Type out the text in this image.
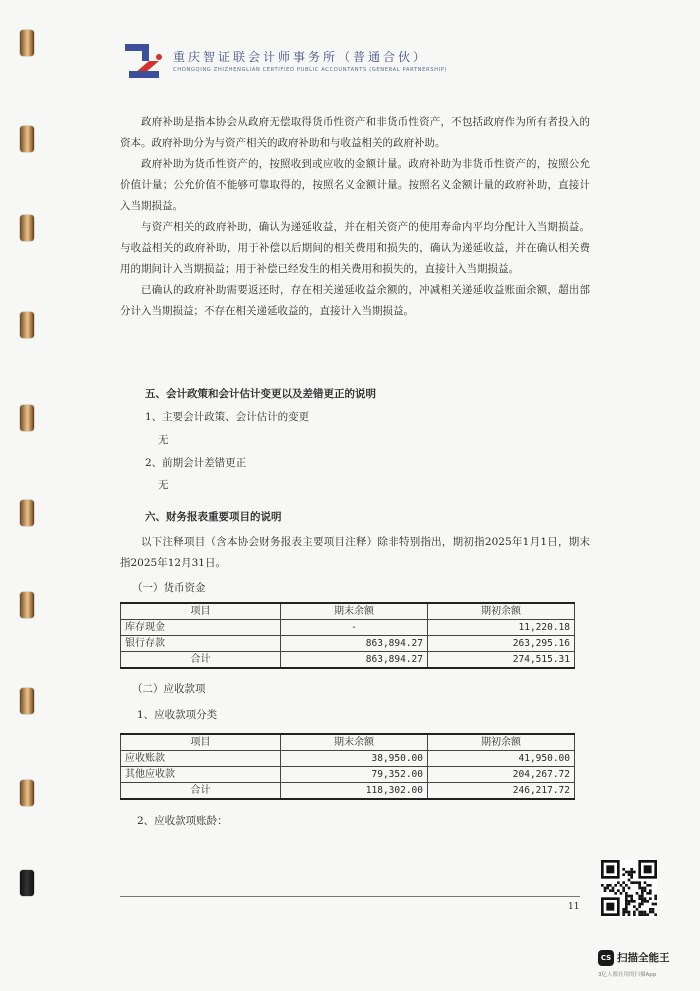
重庆智证联会计师事务所（普通合伙）
CHONGQING ZHIZHENGLIAN CERTIFIED PUBLIC ACCOUNTANTS (GENERAL PARTNERSHIP)

政府补助是指本协会从政府无偿取得货币性资产和非货币性资产，不包括政府作为所有者投入的资本。政府补助分为与资产相关的政府补助和与收益相关的政府补助。

政府补助为货币性资产的，按照收到或应收的金额计量。政府补助为非货币性资产的，按照公允价值计量；公允价值不能够可靠取得的，按照名义金额计量。按照名义金额计量的政府补助，直接计入当期损益。

与资产相关的政府补助，确认为递延收益，并在相关资产的使用寿命内平均分配计入当期损益。与收益相关的政府补助，用于补偿以后期间的相关费用和损失的，确认为递延收益，并在确认相关费用的期间计入当期损益；用于补偿已经发生的相关费用和损失的，直接计入当期损益。

已确认的政府补助需要返还时，存在相关递延收益余额的，冲减相关递延收益账面余额，超出部分计入当期损益；不存在相关递延收益的，直接计入当期损益。

五、会计政策和会计估计变更以及差错更正的说明
1、主要会计政策、会计估计的变更
无
2、前期会计差错更正
无
六、财务报表重要项目的说明

以下注释项目（含本协会财务报表主要项目注释）除非特别指出，期初指2025年1月1日，期末指2025年12月31日。

（一）货币资金
项目	期末余额	期初余额
库存现金	-	11,220.18
银行存款	863,894.27	263,295.16
合计	863,894.27	274,515.31
（二）应收款项
1、应收款项分类
项目	期末余额	期初余额
应收账款	38,950.00	41,950.00
其他应收款	79,352.00	204,267.72
合计	118,302.00	246,217.72
2、应收款项账龄：
11
CS 扫描全能王
3亿人都在用的扫描App
